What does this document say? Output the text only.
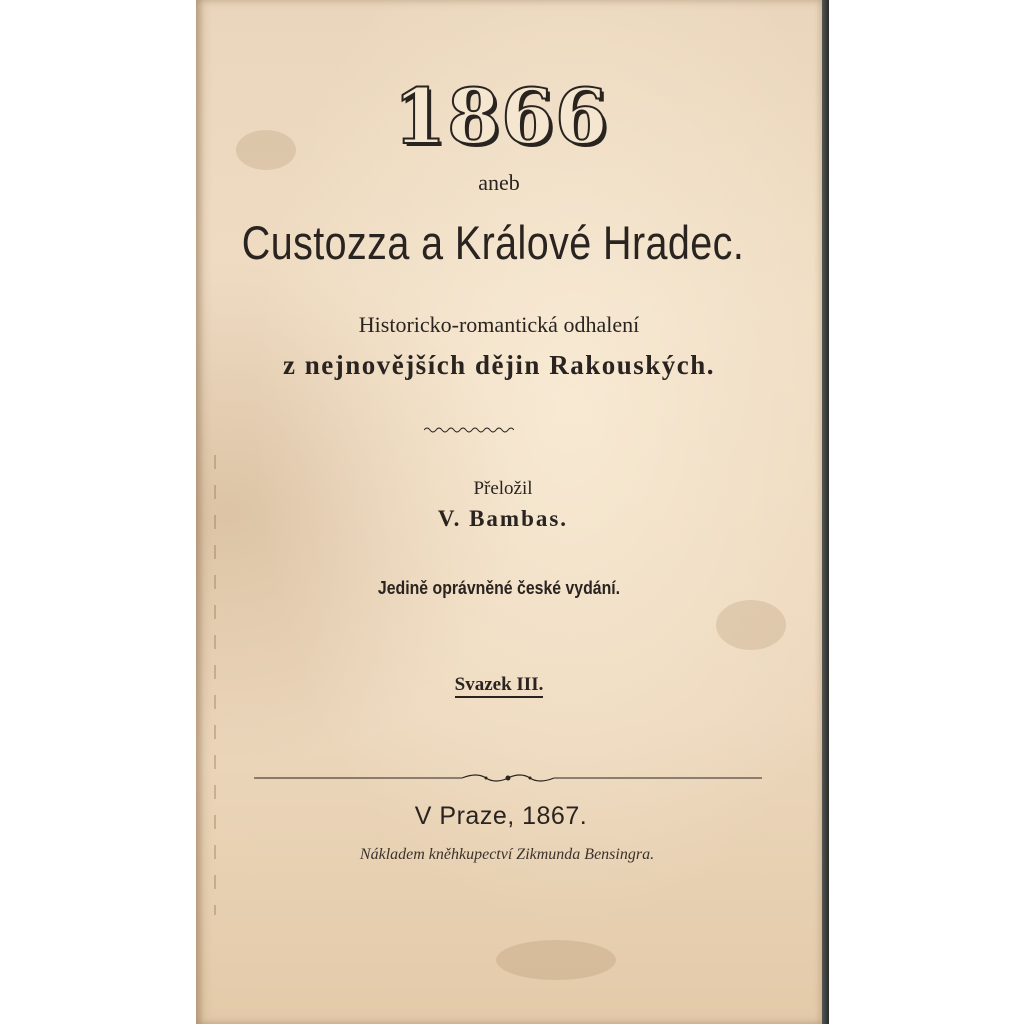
1866
aneb
Custozza a Králové Hradec.
Historicko-romantická odhalení
z nejnovějších dějin Rakouských.
Přeložil
V. Bambas.
Jedině oprávněné české vydání.
Svazek III.
V Praze, 1867.
Nákladem kněhkupectví Zikmunda Bensingra.
